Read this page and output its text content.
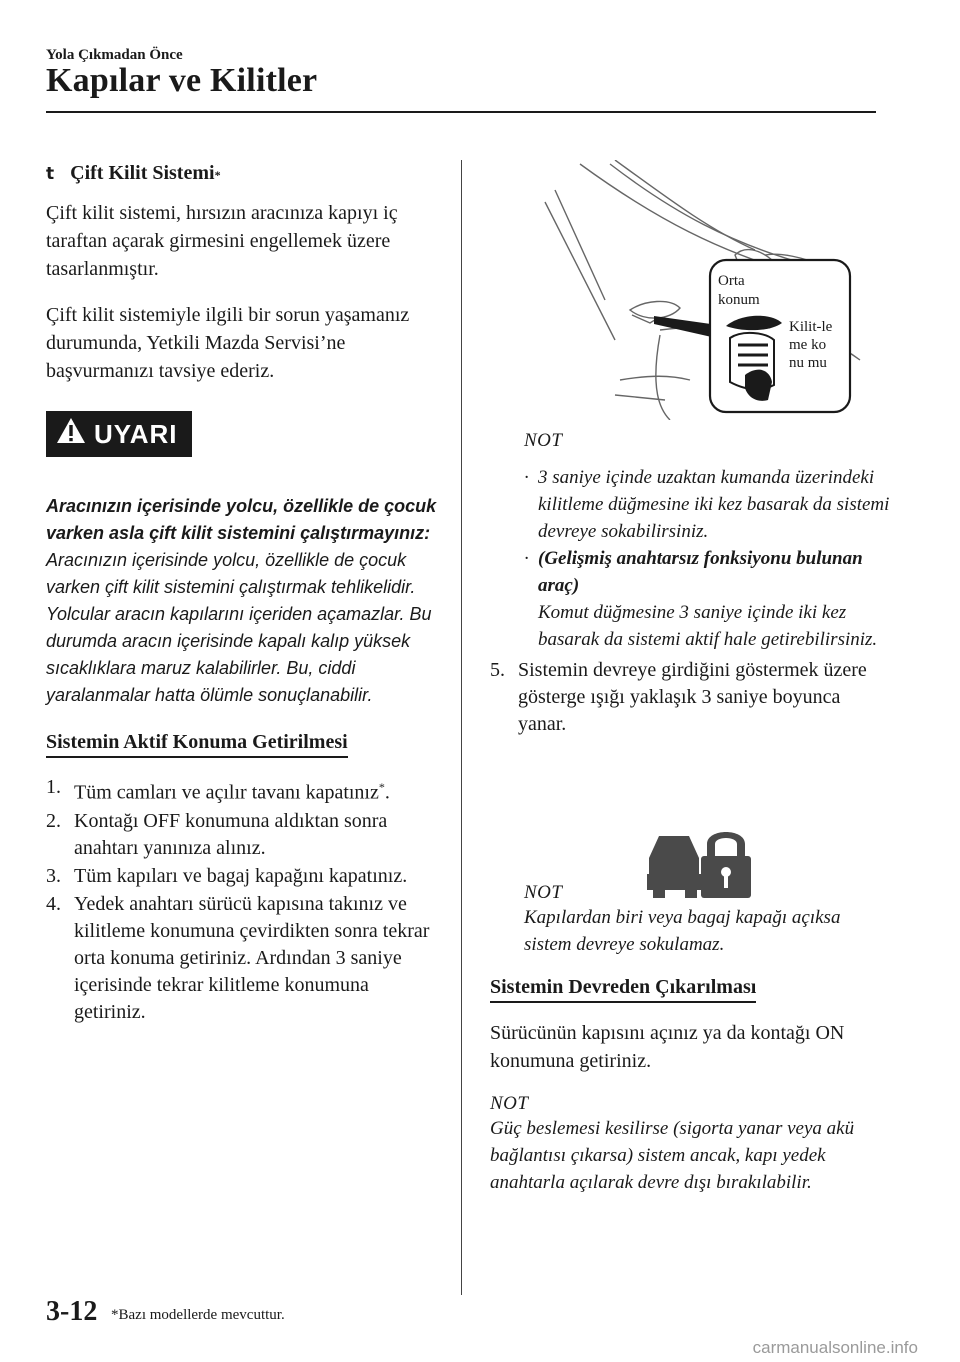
Yola Çıkmadan Önce
Kapılar ve Kilitler
t Çift Kilit Sistemi *

Çift kilit sistemi, hırsızın aracınıza kapıyı iç taraftan açarak girmesini engellemek üzere tasarlanmıştır.

Çift kilit sistemiyle ilgili bir sorun yaşamanız durumunda, Yetkili Mazda Servisi’ne başvurmanızı tavsiye ederiz.

UYARI

Aracınızın içerisinde yolcu, özellikle de çocuk varken asla çift kilit sistemini çalıştırmayınız:

Aracınızın içerisinde yolcu, özellikle de çocuk varken çift kilit sistemini çalıştırmak tehlikelidir. Yolcular aracın kapılarını içeriden açamazlar. Bu durumda aracın içerisinde kapalı kalıp yüksek sıcaklıklara maruz kalabilirler. Bu, ciddi yaralanmalar hatta ölümle sonuçlanabilir.

Sistemin Aktif Konuma Getirilmesi
1. Tüm camları ve açılır tavanı kapatınız*.
2. Kontağı OFF konumuna aldıktan sonra anahtarı yanınıza alınız.
3. Tüm kapıları ve bagaj kapağını kapatınız.
4. Yedek anahtarı sürücü kapısına takınız ve kilitleme konumuna çevirdikten sonra tekrar orta konuma getiriniz. Ardından 3 saniye içerisinde tekrar kilitleme konumuna getiriniz.
Orta konum
Kilit-leme konu mu
NOT
· 3 saniye içinde uzaktan kumanda üzerindeki kilitleme düğmesine iki kez basarak da sistemi devreye sokabilirsiniz.
· (Gelişmiş anahtarsız fonksiyonu bulunan araç)
Komut düğmesine 3 saniye içinde iki kez basarak da sistemi aktif hale getirebilirsiniz.
5. Sistemin devreye girdiğini göstermek üzere gösterge ışığı yaklaşık 3 saniye boyunca yanar.
NOT

Kapılardan biri veya bagaj kapağı açıksa sistem devreye sokulamaz.

Sistemin Devreden Çıkarılması

Sürücünün kapısını açınız ya da kontağı ON konumuna getiriniz.

NOT

Güç beslemesi kesilirse (sigorta yanar veya akü bağlantısı çıkarsa) sistem ancak, kapı yedek anahtarla açılarak devre dışı bırakılabilir.

3-12 *Bazı modellerde mevcuttur.
carmanualsonline.info
